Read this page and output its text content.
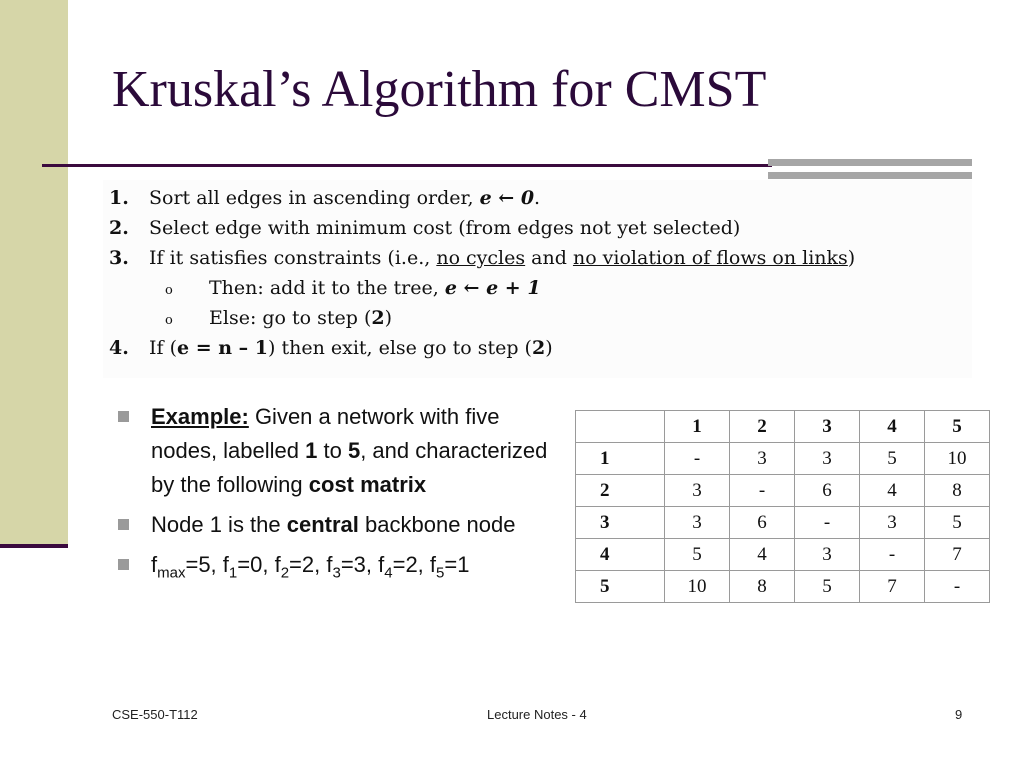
Kruskal’s Algorithm for CMST
1. Sort all edges in ascending order, e ← 0.
2. Select edge with minimum cost (from edges not yet selected)
3. If it satisfies constraints (i.e., no cycles and no violation of flows on links)
o Then: add it to the tree, e ← e + 1
o Else: go to step (2)
4. If (e = n – 1) then exit, else go to step (2)
Example: Given a network with five nodes, labelled 1 to 5, and characterized by the following cost matrix
Node 1 is the central backbone node
$f_{max}=5$, $f_1=0$, $f_2=2$, $f_3=3$, $f_4=2$, $f_5=1$
	1	2	3	4	5
1	-	3	3	5	10
2	3	-	6	4	8
3	3	6	-	3	5
4	5	4	3	-	7
5	10	8	5	7	-
CSE-550-T112	Lecture Notes - 4	9
